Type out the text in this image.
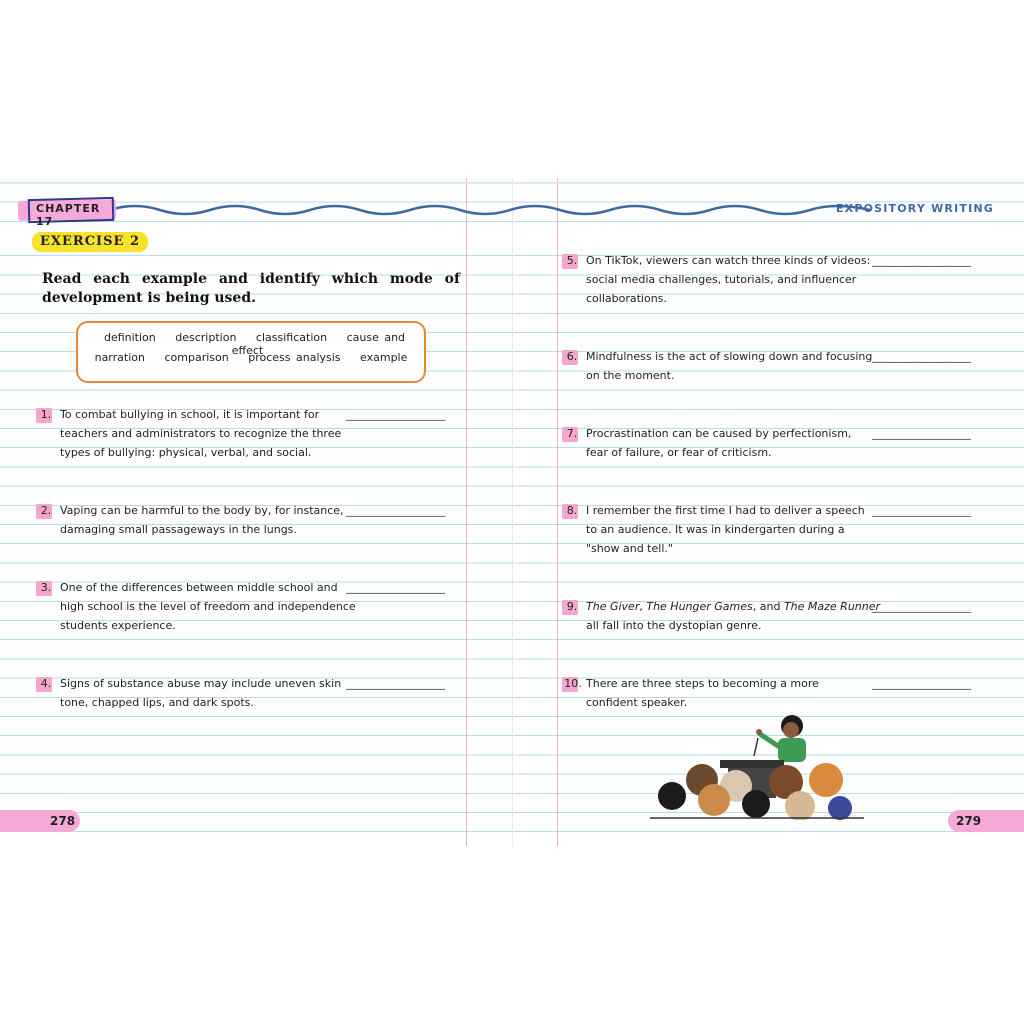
CHAPTER 17
EXPOSITORY WRITING
EXERCISE 2
Read each example and identify which mode of development is being used.
definition description classification cause and effect
narration comparison process analysis example
1. To combat bullying in school, it is important for
teachers and administrators to recognize the three
types of bullying: physical, verbal, and social.
__________________
2. Vaping can be harmful to the body by, for instance,
damaging small passageways in the lungs.
__________________
3. One of the differences between middle school and
high school is the level of freedom and independence
students experience.
__________________
4. Signs of substance abuse may include uneven skin
tone, chapped lips, and dark spots.
__________________
5. On TikTok, viewers can watch three kinds of videos:
social media challenges, tutorials, and influencer
collaborations.
__________________
6. Mindfulness is the act of slowing down and focusing
on the moment.
__________________
7. Procrastination can be caused by perfectionism,
fear of failure, or fear of criticism.
__________________
8. I remember the first time I had to deliver a speech
to an audience. It was in kindergarten during a
"show and tell."
__________________
9. The Giver, The Hunger Games, and The Maze Runner
all fall into the dystopian genre.
__________________
10. There are three steps to becoming a more
confident speaker.
__________________
278	279
